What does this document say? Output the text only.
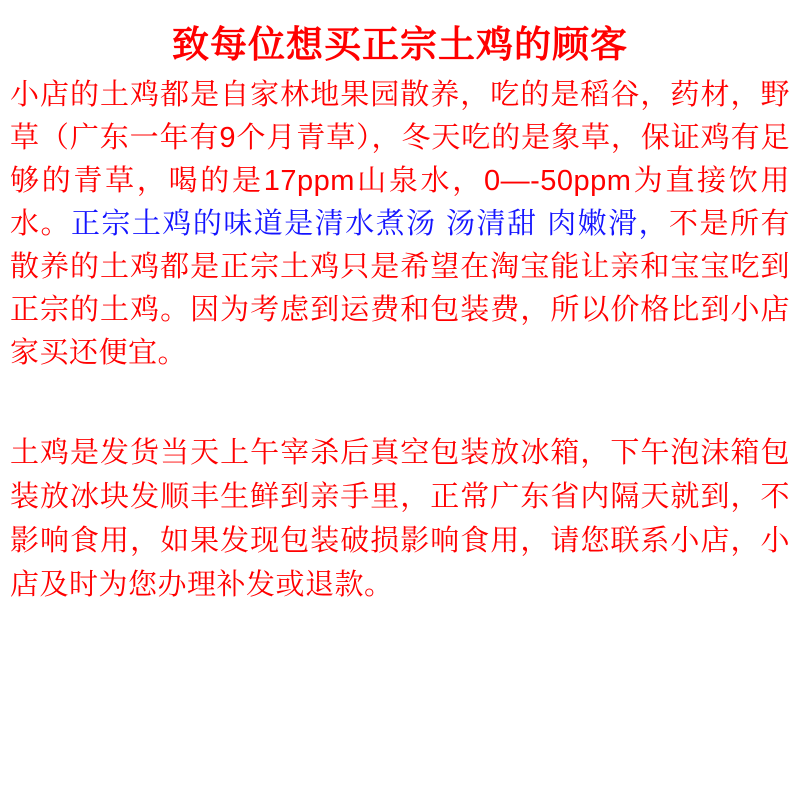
致每位想买正宗土鸡的顾客

小店的土鸡都是自家林地果园散养，吃的是稻谷，药材，野草（广东一年有9个月青草），冬天吃的是象草，保证鸡有足够的青草，喝的是17ppm山泉水，0—-50ppm为直接饮用水。正宗土鸡的味道是清水煮汤 汤清甜 肉嫩滑，不是所有散养的土鸡都是正宗土鸡只是希望在淘宝能让亲和宝宝吃到正宗的土鸡。因为考虑到运费和包装费，所以价格比到小店家买还便宜。

土鸡是发货当天上午宰杀后真空包装放冰箱，下午泡沫箱包装放冰块发顺丰生鲜到亲手里，正常广东省内隔天就到，不影响食用，如果发现包装破损影响食用，请您联系小店，小店及时为您办理补发或退款。
